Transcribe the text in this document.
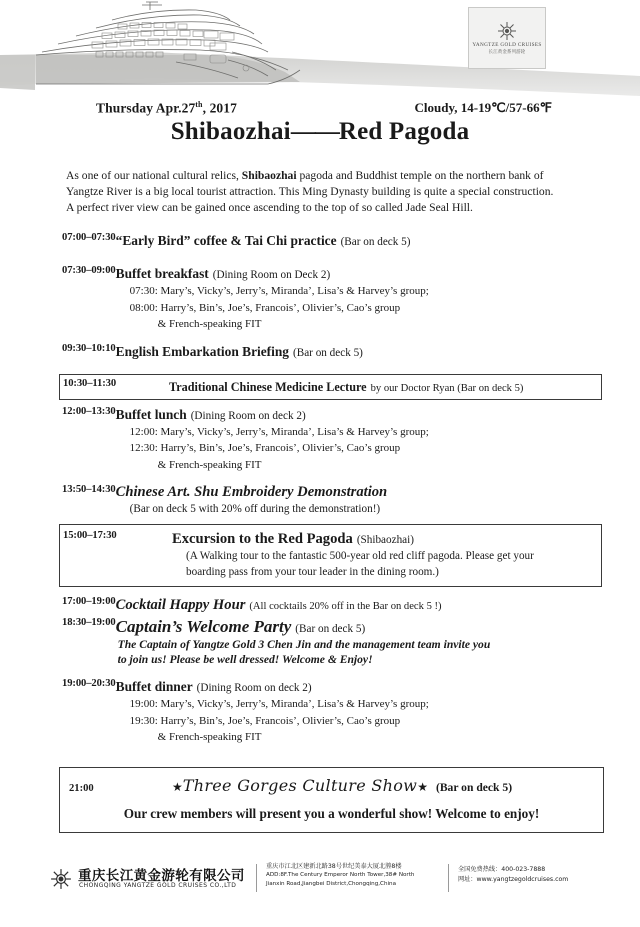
YANGTZE GOLD CRUISES
长江黄金系列游轮
Thursday Apr.27th, 2017	Cloudy, 14-19℃/57-66℉
Shibaozhai——Red Pagoda
As one of our national cultural relics, Shibaozhai pagoda and Buddhist temple on the northern bank of
Yangtze River is a big local tourist attraction. This Ming Dynasty building is quite a special construction.
A perfect river view can be gained once ascending to the top of so called Jade Seal Hill.
07:00–07:30 “Early Bird” coffee & Tai Chi practice (Bar on deck 5)
07:30–09:00 Buffet breakfast (Dining Room on Deck 2)
07:30: Mary’s, Vicky’s, Jerry’s, Miranda’, Lisa’s & Harvey’s group;
08:00: Harry’s, Bin’s, Joe’s, Francois’, Olivier’s, Cao’s group
& French-speaking FIT
09:30–10:10 English Embarkation Briefing (Bar on deck 5)
10:30–11:30	Traditional Chinese Medicine Lecture by our Doctor Ryan (Bar on deck 5)
12:00–13:30 Buffet lunch (Dining Room on deck 2)
12:00: Mary’s, Vicky’s, Jerry’s, Miranda’, Lisa’s & Harvey’s group;
12:30: Harry’s, Bin’s, Joe’s, Francois’, Olivier’s, Cao’s group
& French-speaking FIT
13:50–14:30 Chinese Art. Shu Embroidery Demonstration
(Bar on deck 5 with 20% off during the demonstration!)
15:00–17:30	Excursion to the Red Pagoda (Shibaozhai)
(A Walking tour to the fantastic 500-year old red cliff pagoda. Please get your
boarding pass from your tour leader in the dining room.)
17:00–19:00 Cocktail Happy Hour (All cocktails 20% off in the Bar on deck 5 !)
18:30–19:00 Captain’s Welcome Party (Bar on deck 5)
The Captain of Yangtze Gold 3 Chen Jin and the management team invite you
to join us! Please be well dressed! Welcome & Enjoy!
19:00–20:30 Buffet dinner (Dining Room on deck 2)
19:00: Mary’s, Vicky’s, Jerry’s, Miranda’, Lisa’s & Harvey’s group;
19:30: Harry’s, Bin’s, Joe’s, Francois’, Olivier’s, Cao’s group
& French-speaking FIT
21:00	★ Three Gorges Culture Show ★ (Bar on deck 5)
Our crew members will present you a wonderful show! Welcome to enjoy!
重庆长江黄金游轮有限公司
CHONGQING YANGTZE GOLD CRUISES CO.,LTD
重庆市江北区建新北路38号世纪美泰大厦北塍8楼
ADD:8F.The Century Emperor North Tower,38# North
Jianxin Road,Jiangbei District,Chongqing,China
全国免费热线：400-023-7888
网址：www.yangtzegoldcruises.com
